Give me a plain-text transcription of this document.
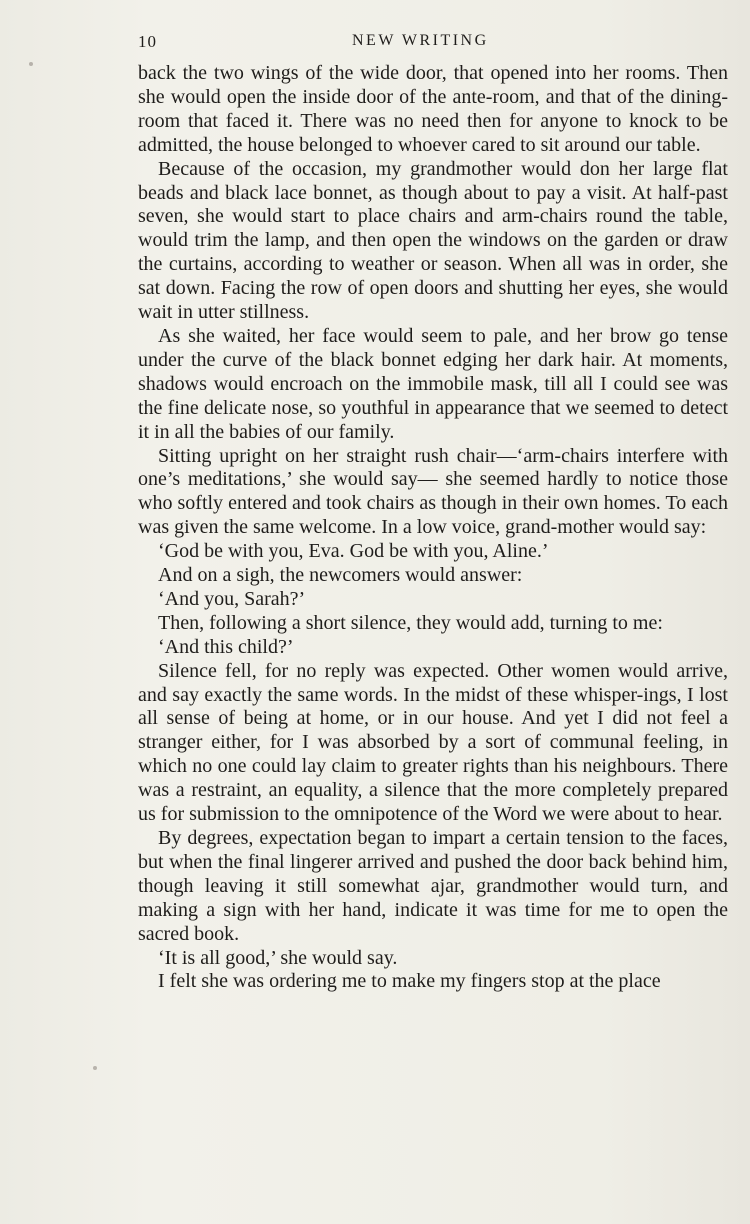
10	NEW WRITING

back the two wings of the wide door, that opened into her rooms. Then she would open the inside door of the ante-room, and that of the dining-room that faced it. There was no need then for anyone to knock to be admitted, the house belonged to whoever cared to sit around our table.

Because of the occasion, my grandmother would don her large flat beads and black lace bonnet, as though about to pay a visit. At half-past seven, she would start to place chairs and arm-chairs round the table, would trim the lamp, and then open the windows on the garden or draw the curtains, according to weather or season. When all was in order, she sat down. Facing the row of open doors and shutting her eyes, she would wait in utter stillness.

As she waited, her face would seem to pale, and her brow go tense under the curve of the black bonnet edging her dark hair. At moments, shadows would encroach on the immobile mask, till all I could see was the fine delicate nose, so youthful in appearance that we seemed to detect it in all the babies of our family.

Sitting upright on her straight rush chair—‘arm-chairs interfere with one’s meditations,’ she would say— she seemed hardly to notice those who softly entered and took chairs as though in their own homes. To each was given the same welcome. In a low voice, grand-mother would say:

‘God be with you, Eva. God be with you, Aline.’

And on a sigh, the newcomers would answer:

‘And you, Sarah?’

Then, following a short silence, they would add, turning to me:

‘And this child?’

Silence fell, for no reply was expected. Other women would arrive, and say exactly the same words. In the midst of these whisper-ings, I lost all sense of being at home, or in our house. And yet I did not feel a stranger either, for I was absorbed by a sort of communal feeling, in which no one could lay claim to greater rights than his neighbours. There was a restraint, an equality, a silence that the more completely prepared us for submission to the omnipotence of the Word we were about to hear.

By degrees, expectation began to impart a certain tension to the faces, but when the final lingerer arrived and pushed the door back behind him, though leaving it still somewhat ajar, grandmother would turn, and making a sign with her hand, indicate it was time for me to open the sacred book.

‘It is all good,’ she would say.

I felt she was ordering me to make my fingers stop at the place
